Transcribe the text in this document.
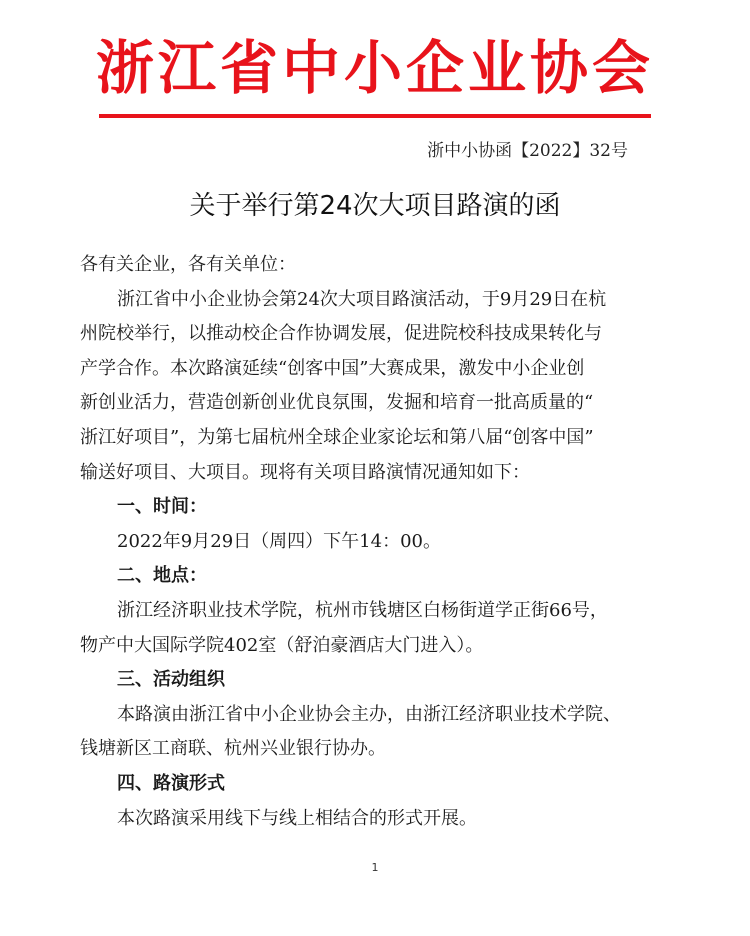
浙江省中小企业协会
浙中小协函【2022】32号
关于举行第24次大项目路演的函
各有关企业，各有关单位：
浙江省中小企业协会第24次大项目路演活动，于9月29日在杭
州院校举行，以推动校企合作协调发展，促进院校科技成果转化与
产学合作。本次路演延续“创客中国”大赛成果，激发中小企业创
新创业活力，营造创新创业优良氛围，发掘和培育一批高质量的“
浙江好项目”，为第七届杭州全球企业家论坛和第八届“创客中国”
输送好项目、大项目。现将有关项目路演情况通知如下：
一、时间：
2022年9月29日（周四）下午14：00。
二、地点：
浙江经济职业技术学院，杭州市钱塘区白杨街道学正街66号，
物产中大国际学院402室（舒泊豪酒店大门进入）。
三、活动组织
本路演由浙江省中小企业协会主办，由浙江经济职业技术学院、
钱塘新区工商联、杭州兴业银行协办。
四、路演形式
本次路演采用线下与线上相结合的形式开展。
1
